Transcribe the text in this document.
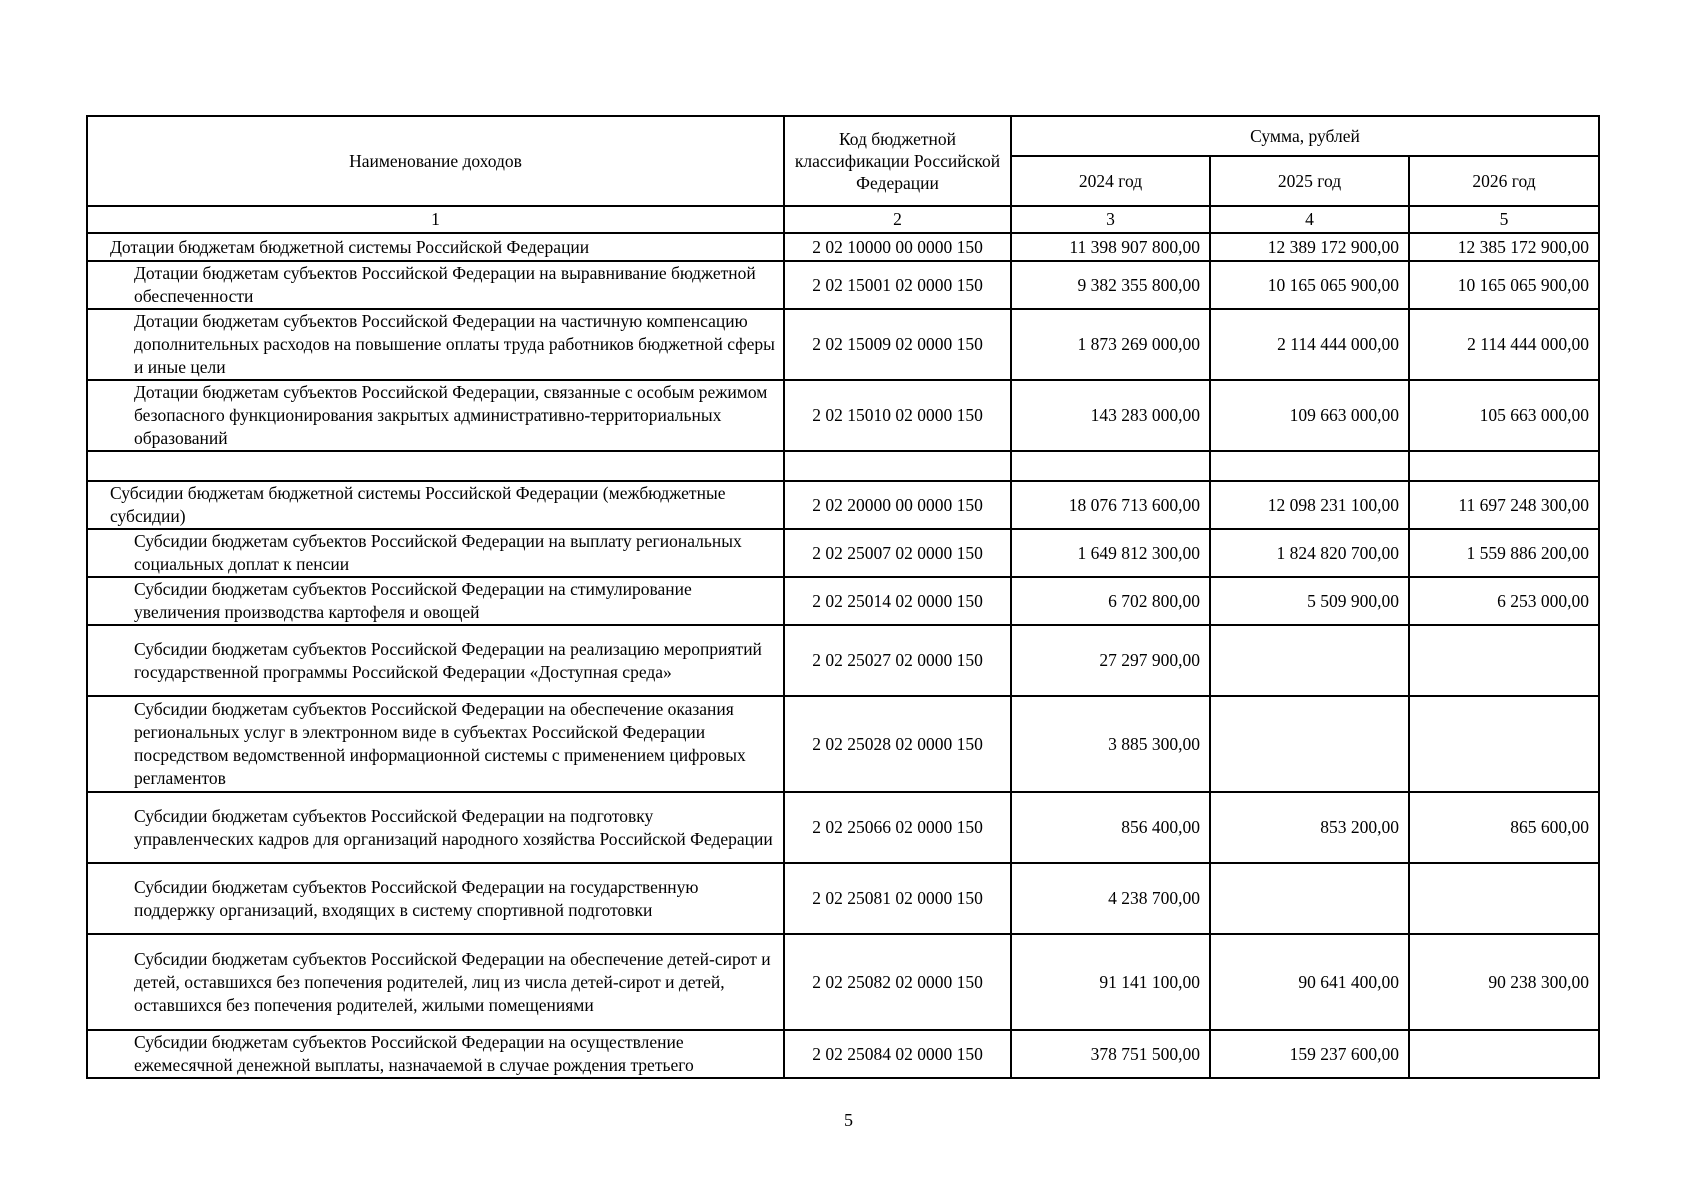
Наименование доходов	Код бюджетной классификации Российской Федерации	Сумма, рублей		
		2024 год	2025 год	2026 год
1	2	3	4	5
Дотации бюджетам бюджетной системы Российской Федерации	2 02 10000 00 0000 150	11 398 907 800,00	12 389 172 900,00	12 385 172 900,00
Дотации бюджетам субъектов Российской Федерации на выравнивание бюджетной обеспеченности	2 02 15001 02 0000 150	9 382 355 800,00	10 165 065 900,00	10 165 065 900,00
Дотации бюджетам субъектов Российской Федерации на частичную компенсацию дополнительных расходов на повышение оплаты труда работников бюджетной сферы и иные цели	2 02 15009 02 0000 150	1 873 269 000,00	2 114 444 000,00	2 114 444 000,00
Дотации бюджетам субъектов Российской Федерации, связанные с особым режимом безопасного функционирования закрытых административно-территориальных образований	2 02 15010 02 0000 150	143 283 000,00	109 663 000,00	105 663 000,00

Субсидии бюджетам бюджетной системы Российской Федерации (межбюджетные субсидии)	2 02 20000 00 0000 150	18 076 713 600,00	12 098 231 100,00	11 697 248 300,00
Субсидии бюджетам субъектов Российской Федерации на выплату региональных социальных доплат к пенсии	2 02 25007 02 0000 150	1 649 812 300,00	1 824 820 700,00	1 559 886 200,00
Субсидии бюджетам субъектов Российской Федерации на стимулирование увеличения производства картофеля и овощей	2 02 25014 02 0000 150	6 702 800,00	5 509 900,00	6 253 000,00
Субсидии бюджетам субъектов Российской Федерации на реализацию мероприятий государственной программы Российской Федерации «Доступная среда»	2 02 25027 02 0000 150	27 297 900,00		
Субсидии бюджетам субъектов Российской Федерации на обеспечение оказания региональных услуг в электронном виде в субъектах Российской Федерации посредством ведомственной информационной системы с применением цифровых регламентов	2 02 25028 02 0000 150	3 885 300,00		
Субсидии бюджетам субъектов Российской Федерации на подготовку управленческих кадров для организаций народного хозяйства Российской Федерации	2 02 25066 02 0000 150	856 400,00	853 200,00	865 600,00
Субсидии бюджетам субъектов Российской Федерации на государственную поддержку организаций, входящих в систему спортивной подготовки	2 02 25081 02 0000 150	4 238 700,00		
Субсидии бюджетам субъектов Российской Федерации на обеспечение детей-сирот и детей, оставшихся без попечения родителей, лиц из числа детей-сирот и детей, оставшихся без попечения родителей, жилыми помещениями	2 02 25082 02 0000 150	91 141 100,00	90 641 400,00	90 238 300,00
Субсидии бюджетам субъектов Российской Федерации на осуществление ежемесячной денежной выплаты, назначаемой в случае рождения третьего	2 02 25084 02 0000 150	378 751 500,00	159 237 600,00	
5
